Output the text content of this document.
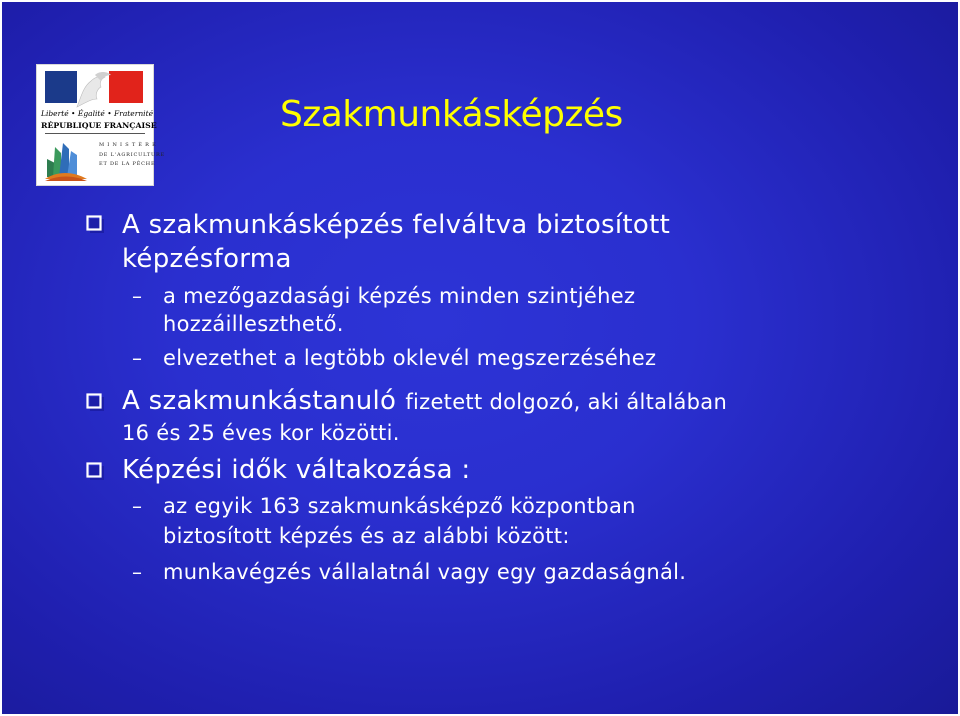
Liberté • Égalité • Fraternité
RÉPUBLIQUE FRANÇAISE
M I N I S T È R E
DE L'AGRICULTURE
ET DE LA PÊCHE
Szakmunkásképzés
A szakmunkásképzés felváltva biztosított
képzésforma
– a mezőgazdasági képzés minden szintjéhez
hozzáilleszthető.
– elvezethet a legtöbb oklevél megszerzéséhez
A szakmunkástanuló fizetett dolgozó, aki általában
16 és 25 éves kor közötti.
Képzési idők váltakozása :
– az egyik 163 szakmunkásképző központban
biztosított képzés és az alábbi között:
– munkavégzés vállalatnál vagy egy gazdaságnál.
